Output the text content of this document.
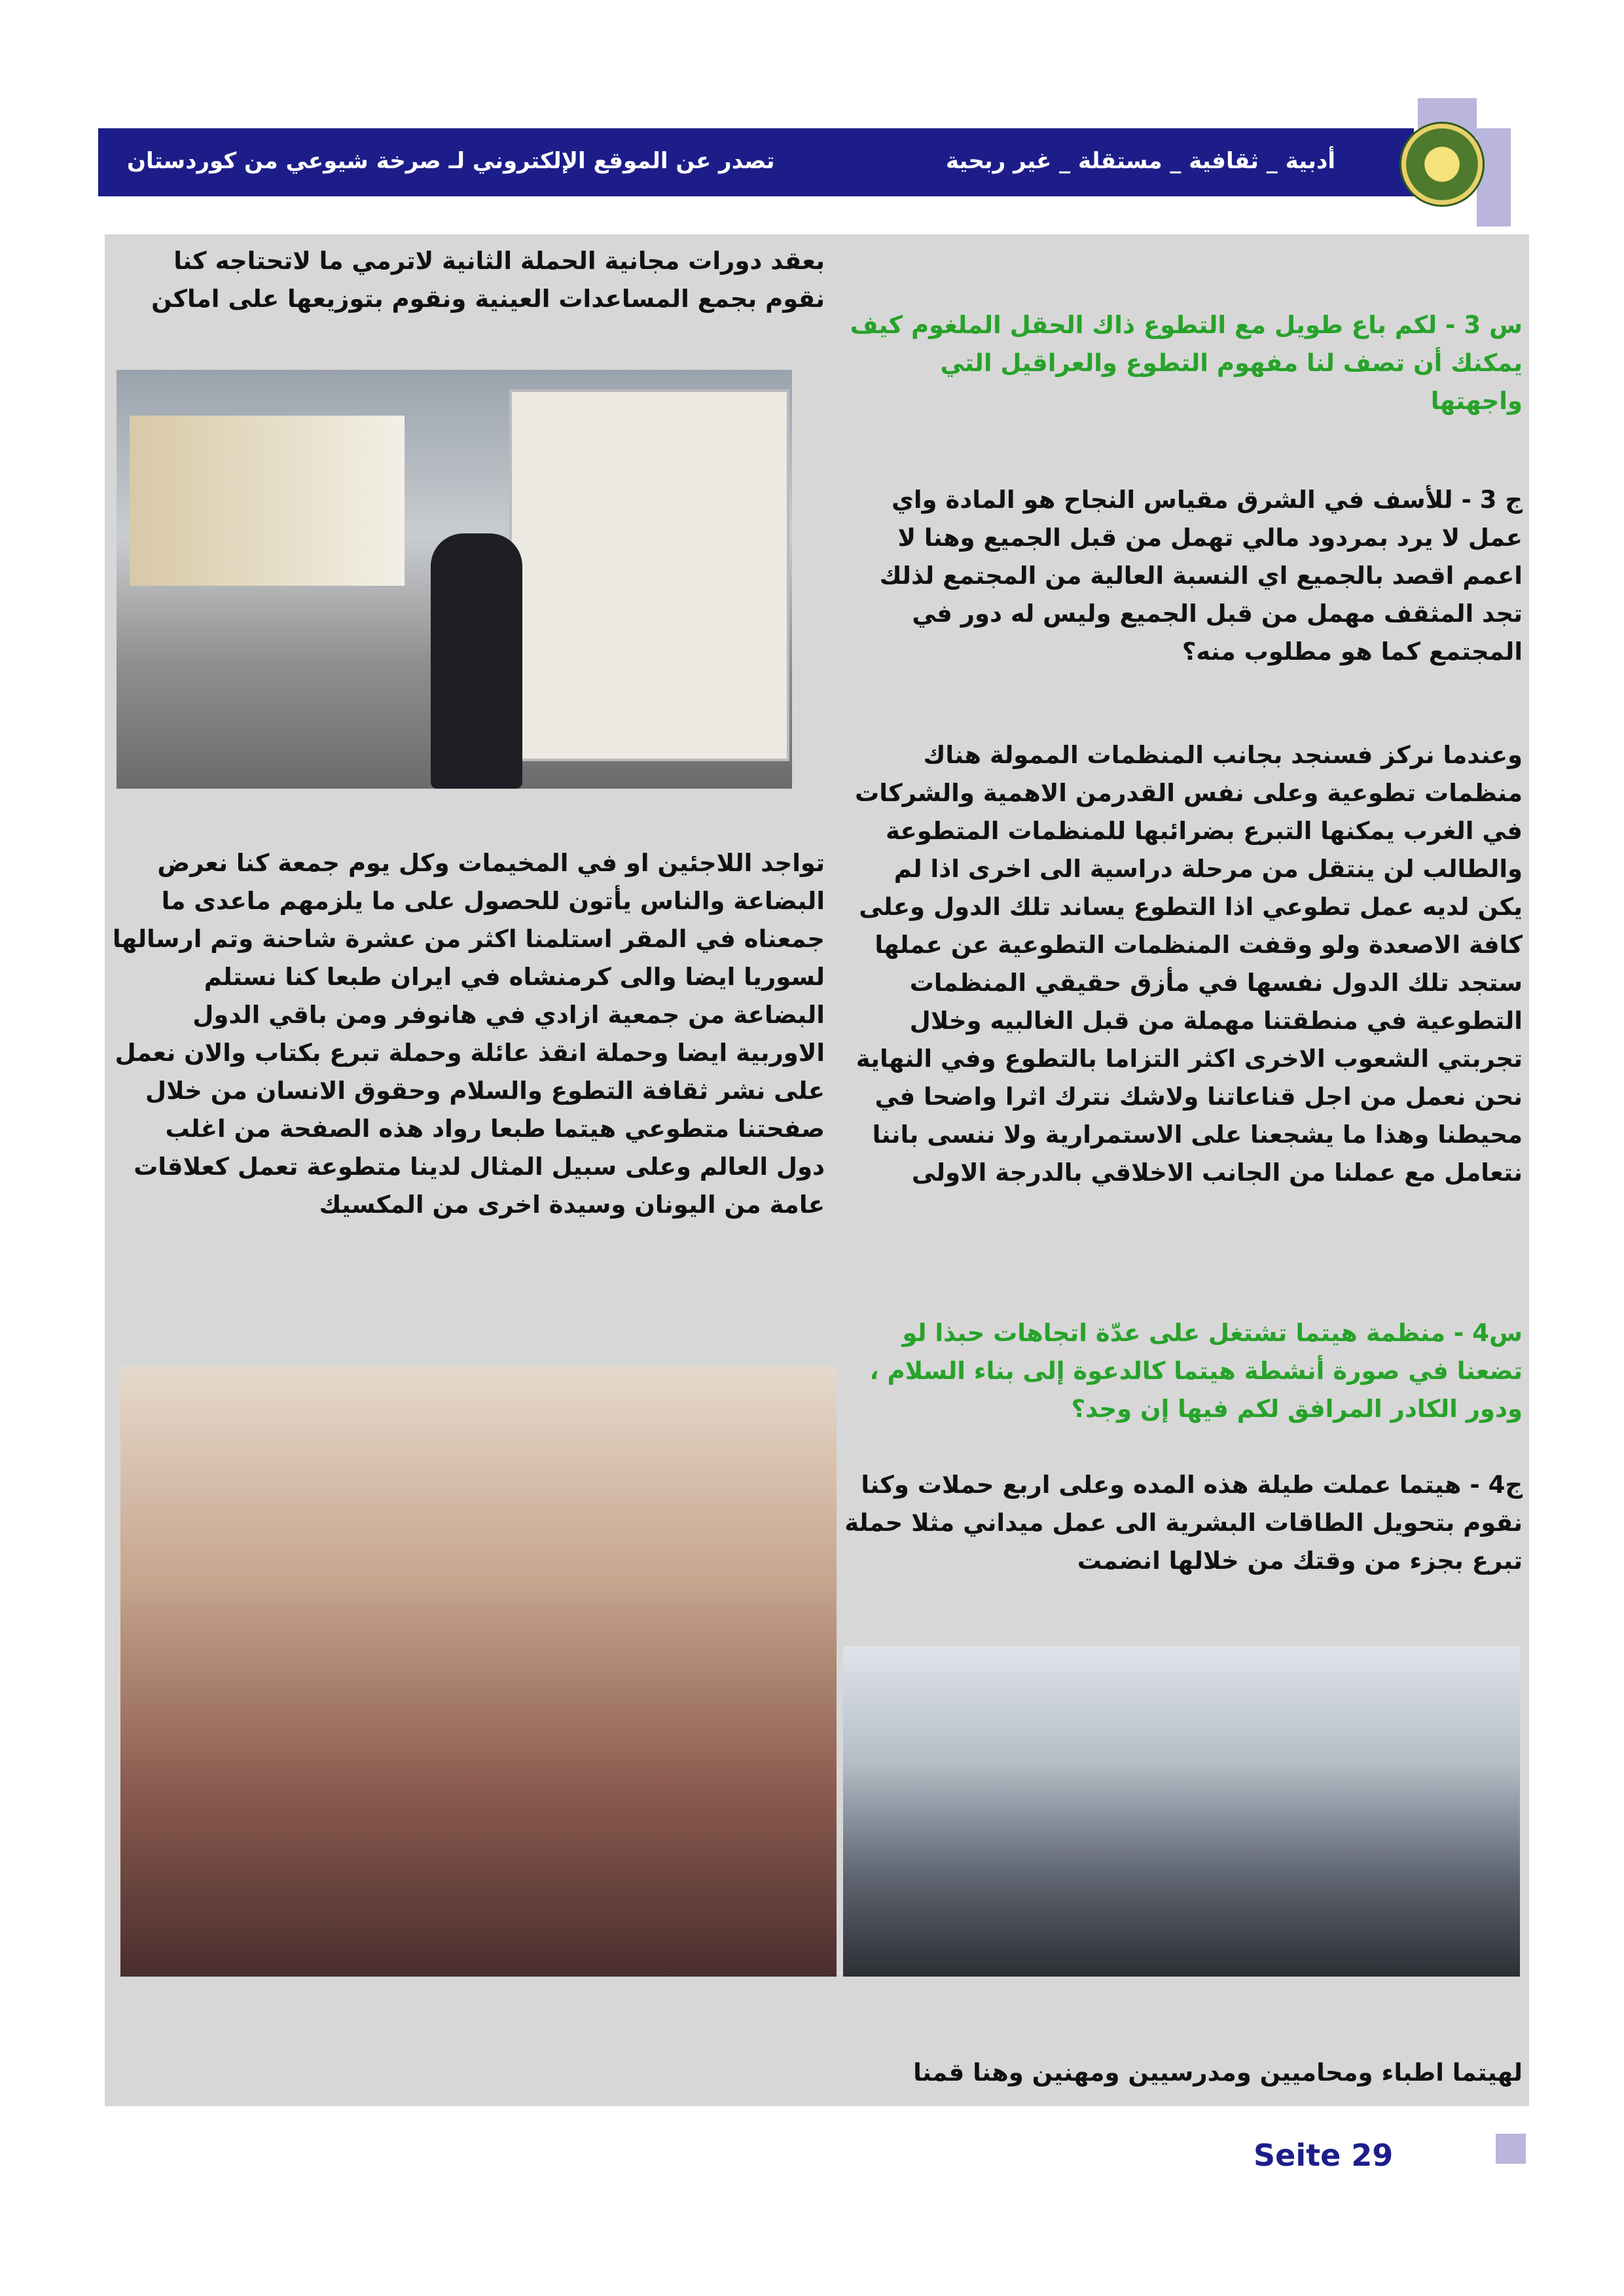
تصدر عن الموقع الإلكتروني لـ صرخة شيوعي من كوردستان	أدبية _ ثقافية _ مستقلة _ غير ربحية
بعقد دورات مجانية الحملة الثانية لاترمي ما لاتحتاجه كنا نقوم بجمع المساعدات العينية ونقوم بتوزيعها على اماكن
تواجد اللاجئين او في المخيمات وكل يوم جمعة كنا نعرض البضاعة والناس يأتون للحصول على ما يلزمهم ماعدى ما جمعناه في المقر استلمنا اكثر من عشرة شاحنة وتم ارسالها لسوريا ايضا والى كرمنشاه في ايران طبعا كنا نستلم البضاعة من جمعية ازادي في هانوفر ومن باقي الدول الاوربية ايضا وحملة انقذ عائلة وحملة تبرع بكتاب والان نعمل على نشر ثقافة التطوع والسلام وحقوق الانسان من خلال صفحتنا متطوعي هيتما طبعا رواد هذه الصفحة من اغلب دول العالم وعلى سبيل المثال لدينا متطوعة تعمل كعلاقات عامة من اليونان وسيدة اخرى من المكسيك
س 3 - لكم باع طويل مع التطوع ذاك الحقل الملغوم كيف يمكنك أن تصف لنا مفهوم التطوع والعراقيل التي واجهتها
ج 3 - للأسف في الشرق مقياس النجاح هو المادة واي عمل لا يرد بمردود مالي تهمل من قبل الجميع وهنا لا اعمم اقصد بالجميع اي النسبة العالية من المجتمع لذلك تجد المثقف مهمل من قبل الجميع وليس له دور في المجتمع كما هو مطلوب منه؟
وعندما نركز فسنجد بجانب المنظمات الممولة هناك منظمات تطوعية وعلى نفس القدرمن الاهمية والشركات في الغرب يمكنها التبرع بضرائبها للمنظمات المتطوعة والطالب لن ينتقل من مرحلة دراسية الى اخرى اذا لم يكن لديه عمل تطوعي اذا التطوع يساند تلك الدول وعلى كافة الاصعدة ولو وقفت المنظمات التطوعية عن عملها ستجد تلك الدول نفسها في مأزق حقيقي المنظمات التطوعية في منطقتنا مهملة من قبل الغالبيه وخلال تجربتي الشعوب الاخرى اكثر التزاما بالتطوع وفي النهاية نحن نعمل من اجل قناعاتنا ولاشك نترك اثرا واضحا في محيطنا وهذا ما يشجعنا على الاستمرارية ولا ننسى باننا نتعامل مع عملنا من الجانب الاخلاقي بالدرجة الاولى
س4 - منظمة هيتما تشتغل على عدّة اتجاهات حبذا لو تضعنا في صورة أنشطة هيتما كالدعوة إلى بناء السلام ، ودور الكادر المرافق لكم فيها إن وجد؟
ج4 - هيتما عملت طيلة هذه المده وعلى اربع حملات وكنا نقوم بتحويل الطاقات البشرية الى عمل ميداني مثلا حملة تبرع بجزء من وقتك من خلالها انضمت
لهيتما اطباء ومحاميين ومدرسيين ومهنين وهنا قمنا
Seite 29
